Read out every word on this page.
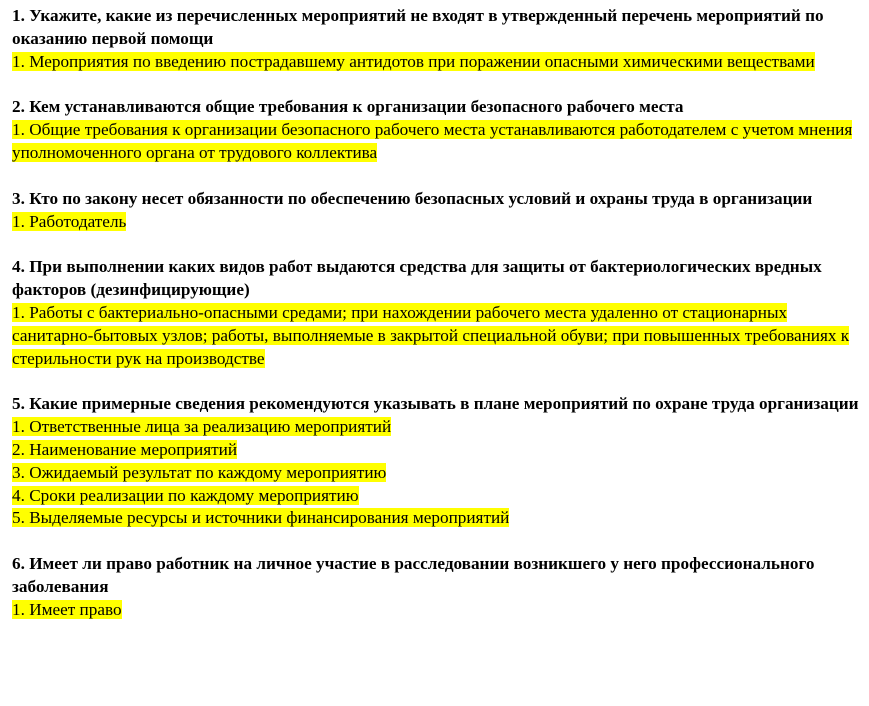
1. Укажите, какие из перечисленных мероприятий не входят в утвержденный перечень мероприятий по оказанию первой помощи

1. Мероприятия по введению пострадавшему антидотов при поражении опасными химическими веществами

2. Кем устанавливаются общие требования к организации безопасного рабочего места

1. Общие требования к организации безопасного рабочего места устанавливаются работодателем с учетом мнения уполномоченного органа от трудового коллектива

3. Кто по закону несет обязанности по обеспечению безопасных условий и охраны труда в организации

1. Работодатель

4. При выполнении каких видов работ выдаются средства для защиты от бактериологических вредных факторов (дезинфицирующие)

1. Работы с бактериально-опасными средами; при нахождении рабочего места удаленно от стационарных санитарно-бытовых узлов; работы, выполняемые в закрытой специальной обуви; при повышенных требованиях к стерильности рук на производстве

5. Какие примерные сведения рекомендуются указывать в плане мероприятий по охране труда организации

1. Ответственные лица за реализацию мероприятий

2. Наименование мероприятий

3. Ожидаемый результат по каждому мероприятию

4. Сроки реализации по каждому мероприятию

5. Выделяемые ресурсы и источники финансирования мероприятий

6. Имеет ли право работник на личное участие в расследовании возникшего у него профессионального заболевания

1. Имеет право
